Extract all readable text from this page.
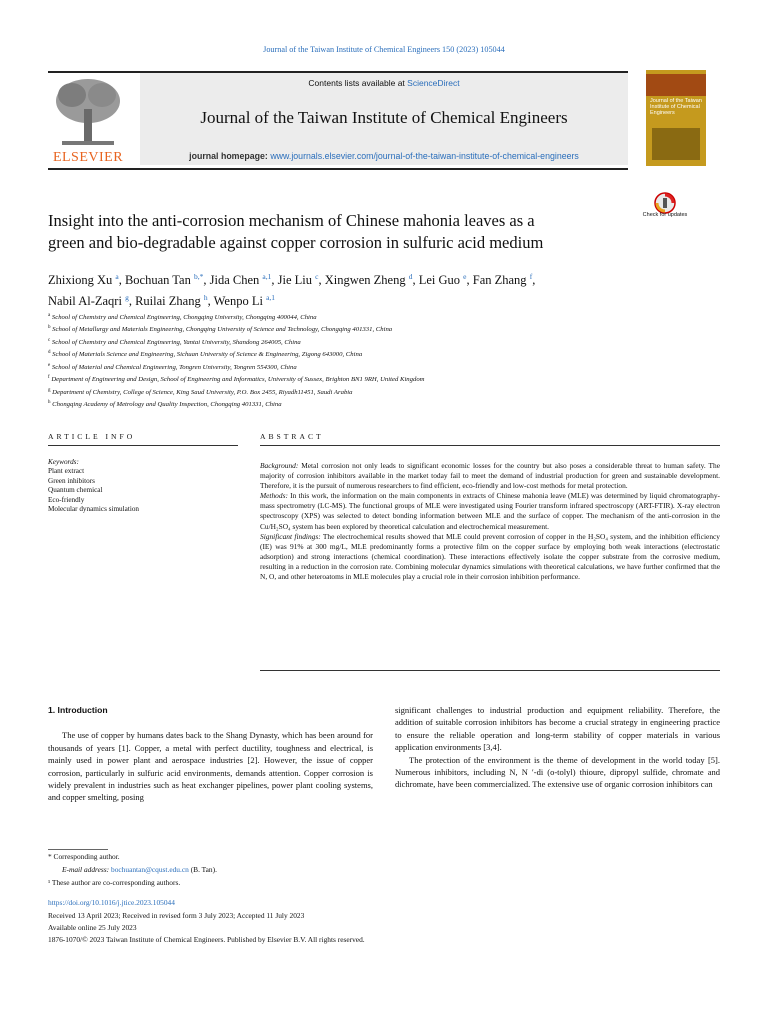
Journal of the Taiwan Institute of Chemical Engineers 150 (2023) 105044
ELSEVIER
Contents lists available at ScienceDirect
Journal of the Taiwan Institute of Chemical Engineers
journal homepage: www.journals.elsevier.com/journal-of-the-taiwan-institute-of-chemical-engineers
Journal of the Taiwan Institute of Chemical Engineers
Check for updates
Insight into the anti-corrosion mechanism of Chinese mahonia leaves as a
green and bio-degradable against copper corrosion in sulfuric acid medium
Zhixiong Xu $^a$, Bochuan Tan $^{b,*}$, Jida Chen $^{a,1}$, Jie Liu $^c$, Xingwen Zheng $^d$, Lei Guo $^e$, Fan Zhang $^f$,
Nabil Al-Zaqri $^g$, Ruilai Zhang $^h$, Wenpo Li $^{a,1}$
$^a$ School of Chemistry and Chemical Engineering, Chongqing University, Chongqing 400044, China
$^b$ School of Metallurgy and Materials Engineering, Chongqing University of Science and Technology, Chongqing 401331, China
$^c$ School of Chemistry and Chemical Engineering, Yantai University, Shandong 264005, China
$^d$ School of Materials Science and Engineering, Sichuan University of Science & Engineering, Zigong 643000, China
$^e$ School of Material and Chemical Engineering, Tongren University, Tongren 554300, China
$^f$ Department of Engineering and Design, School of Engineering and Informatics, University of Sussex, Brighton BN1 9RH, United Kingdom
$^g$ Department of Chemistry, College of Science, King Saud University, P.O. Box 2455, Riyadh11451, Saudi Arabia
$^h$ Chongqing Academy of Metrology and Quality Inspection, Chongqing 401331, China
ARTICLE INFO	ABSTRACT
Keywords:
Plant extract
Green inhibitors
Quantum chemical
Eco-friendly
Molecular dynamics simulation
Background: Metal corrosion not only leads to significant economic losses for the country but also poses a considerable threat to human safety. The majority of corrosion inhibitors available in the market today fail to meet the demand of industrial production for green and sustainable development. Therefore, it is the pursuit of numerous researchers to find efficient, eco-friendly and low-cost methods for metal protection.
Methods: In this work, the information on the main components in extracts of Chinese mahonia leave (MLE) was determined by liquid chromatography-mass spectrometry (LC-MS). The functional groups of MLE were investigated using Fourier transform infrared spectroscopy (ART-FTIR). X-ray electron spectroscopy (XPS) was selected to detect bonding information between MLE and the surface of copper. The mechanism of the anti-corrosion in the Cu/H₂SO₄ system has been explored by theoretical calculation and electrochemical measurement.
Significant findings: The electrochemical results showed that MLE could prevent corrosion of copper in the H₂SO₄ system, and the inhibition efficiency (IE) was 91% at 300 mg/L, MLE predominantly forms a protective film on the copper surface by employing both weak interactions (electrostatic adsorption) and strong interactions (chemical coordination). These interactions effectively isolate the copper substrate from the corrosive medium, resulting in a reduction in the corrosion rate. Combining molecular dynamics simulations with theoretical calculations, we have further confirmed that the N, O, and other heteroatoms in MLE molecules play a crucial role in their corrosion inhibition performance.
1. Introduction

The use of copper by humans dates back to the Shang Dynasty, which has been around for thousands of years [1]. Copper, a metal with perfect ductility, toughness and electrical, is mainly used in power plant and aerospace industries [2]. However, the issue of copper corrosion, particularly in sulfuric acid environments, demands attention. Copper corrosion is widely prevalent in industries such as heat exchanger pipelines, power plant cooling systems, and copper smelting, posing

significant challenges to industrial production and equipment reliability. Therefore, the addition of suitable corrosion inhibitors has become a crucial strategy in engineering practice to ensure the reliable operation and long-term stability of copper materials in various application environments [3,4].

The protection of the environment is the theme of development in the world today [5]. Numerous inhibitors, including N, N ′-di (o-tolyl) thioure, dipropyl sulfide, chromate and dichromate, have been commercialized. The extensive use of organic corrosion inhibitors can

* Corresponding author.
E-mail address: bochuantan@cqust.edu.cn (B. Tan).
¹ These author are co-corresponding authors.
https://doi.org/10.1016/j.jtice.2023.105044
Received 13 April 2023; Received in revised form 3 July 2023; Accepted 11 July 2023
Available online 25 July 2023
1876-1070/© 2023 Taiwan Institute of Chemical Engineers. Published by Elsevier B.V. All rights reserved.
